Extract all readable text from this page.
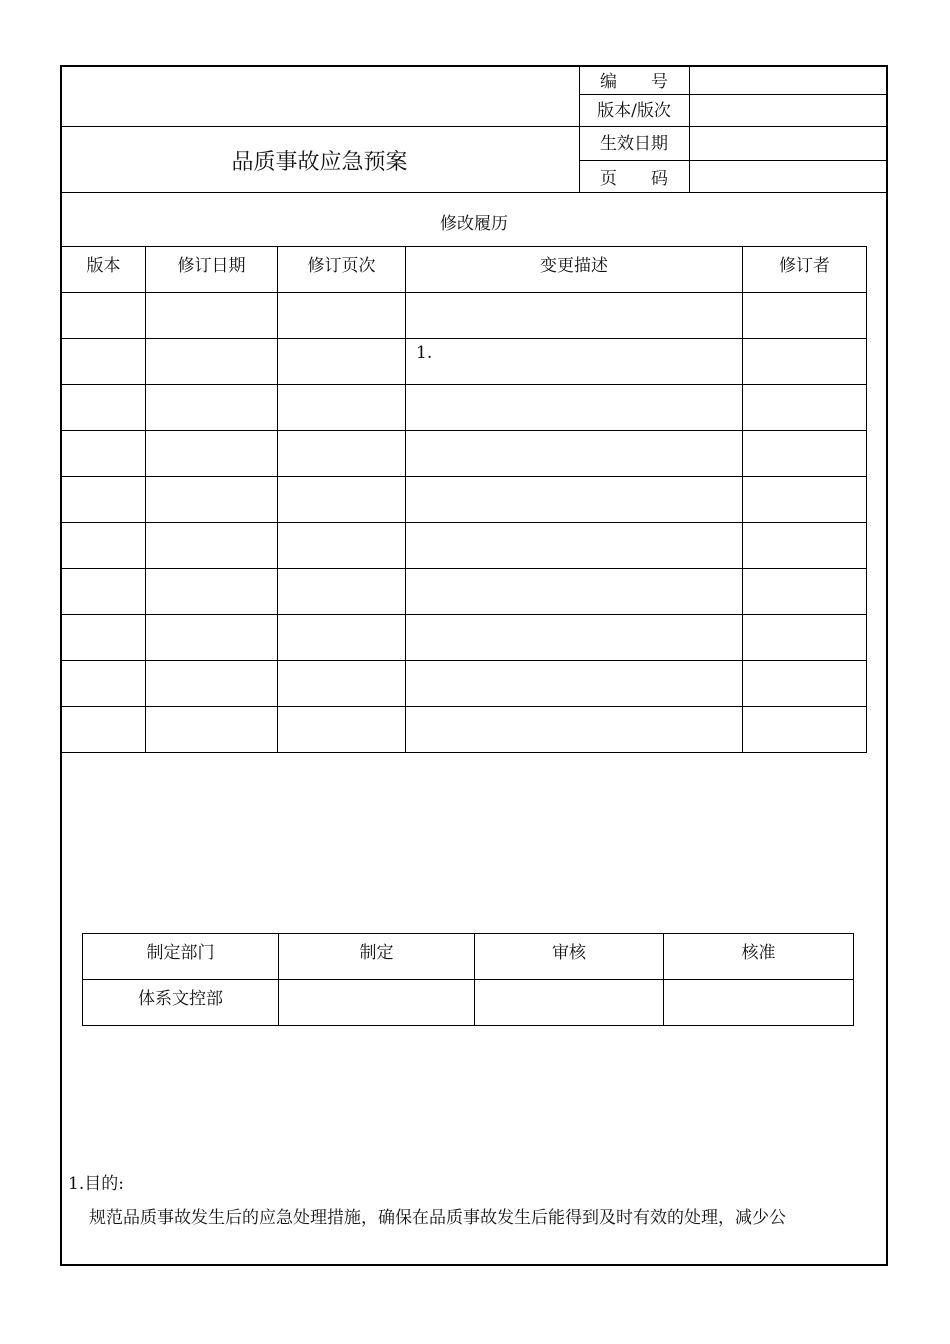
品质事故应急预案
编　　号
版本/版次
生效日期
页　　码
修改履历
版本	修订日期	修订页次	变更描述	修订者

			1.	

制定部门	制定	审核	核准
体系文控部			
1.目的:
规范品质事故发生后的应急处理措施，确保在品质事故发生后能得到及时有效的处理，减少公
